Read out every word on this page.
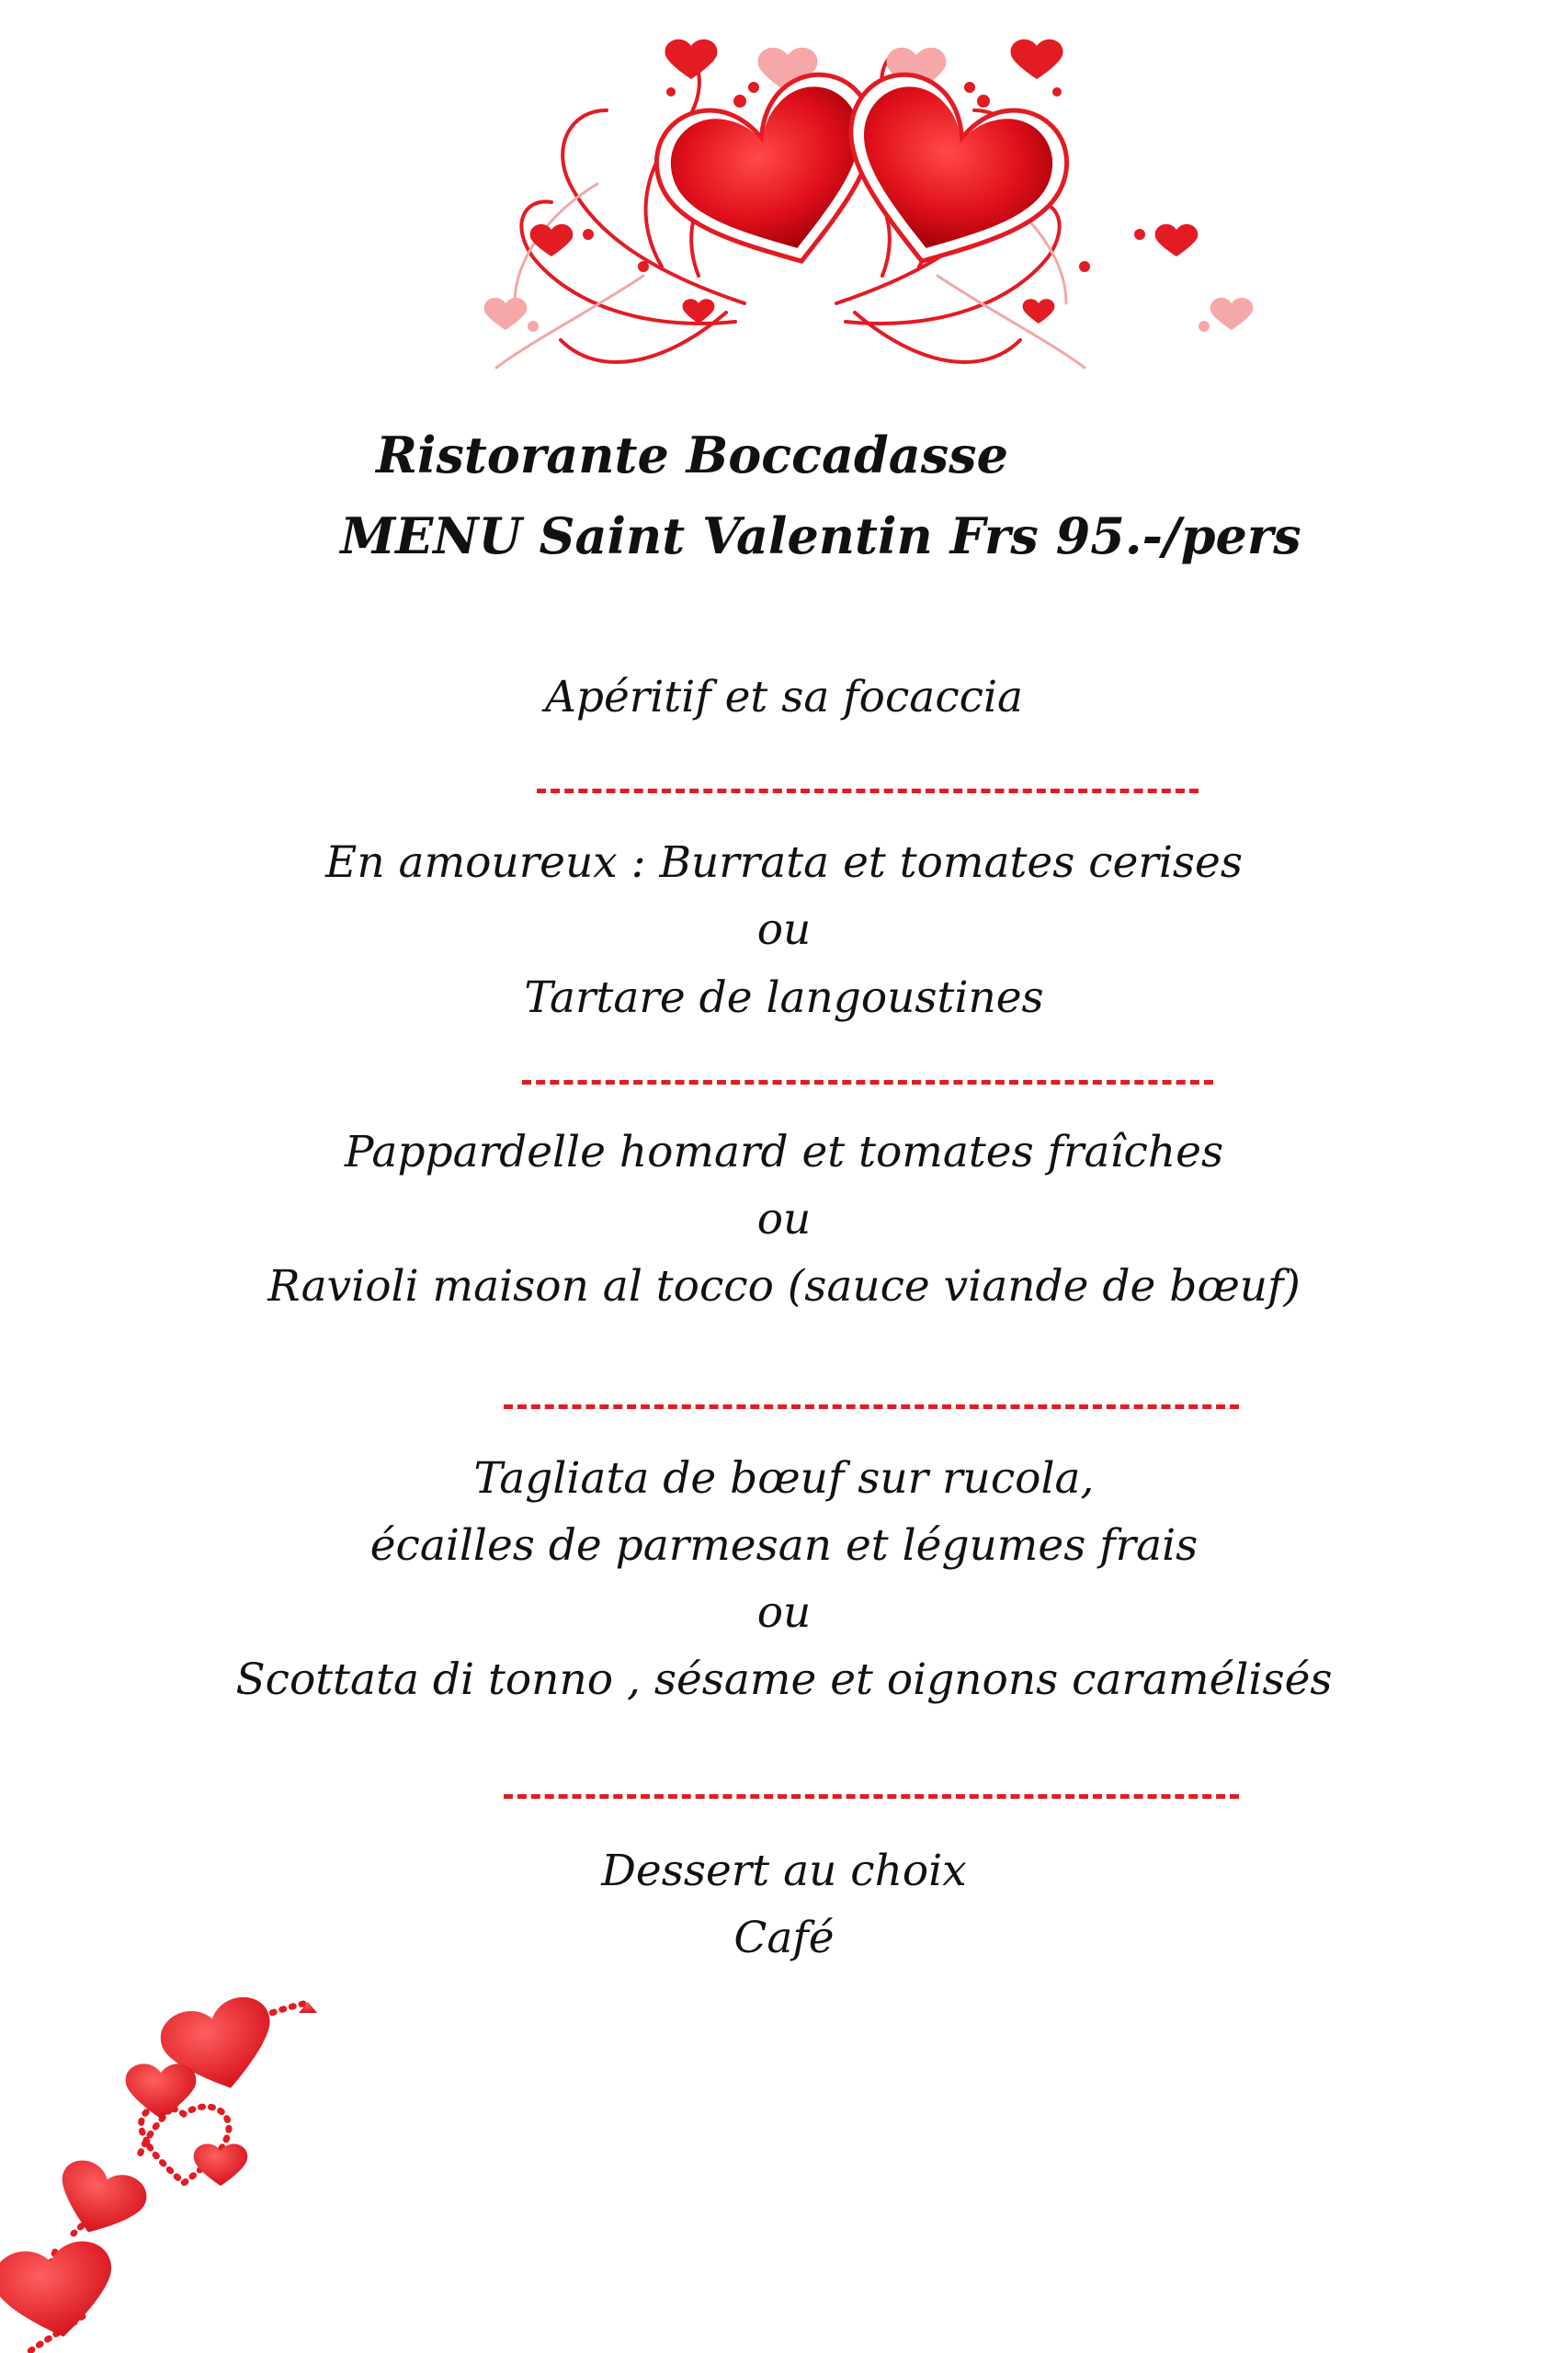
Ristorante Boccadasse
MENU Saint Valentin Frs 95.-/pers
Apéritif et sa focaccia
En amoureux : Burrata et tomates cerises
ou
Tartare de langoustines
Pappardelle homard et tomates fraîches
ou
Ravioli maison al tocco (sauce viande de bœuf)
Tagliata de bœuf sur rucola,
écailles de parmesan et légumes frais
ou
Scottata di tonno , sésame et oignons caramélisés
Dessert au choix
Café
